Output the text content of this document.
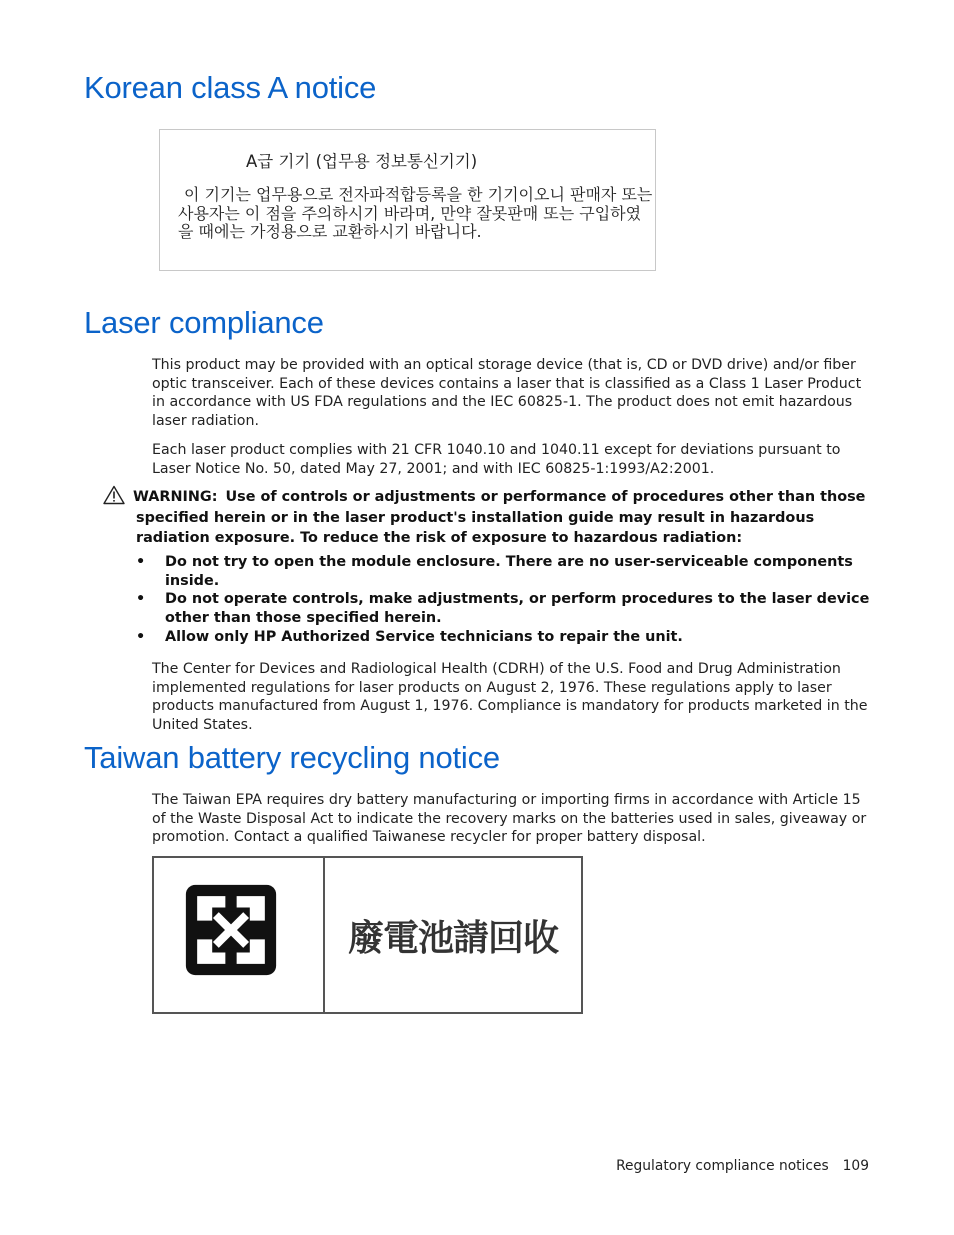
Korean class A notice
A급 기기 (업무용 정보통신기기)
이 기기는 업무용으로 전자파적합등록을 한 기기이오니 판매자 또는 사용자는 이 점을 주의하시기 바라며, 만약 잘못판매 또는 구입하였을 때에는 가정용으로 교환하시기 바랍니다.
Laser compliance

This product may be provided with an optical storage device (that is, CD or DVD drive) and/or fiber optic transceiver. Each of these devices contains a laser that is classified as a Class 1 Laser Product in accordance with US FDA regulations and the IEC 60825-1. The product does not emit hazardous laser radiation.

Each laser product complies with 21 CFR 1040.10 and 1040.11 except for deviations pursuant to Laser Notice No. 50, dated May 27, 2001; and with IEC 60825-1:1993/A2:2001.

WARNING: Use of controls or adjustments or performance of procedures other than those specified herein or in the laser product's installation guide may result in hazardous radiation exposure. To reduce the risk of exposure to hazardous radiation:
• Do not try to open the module enclosure. There are no user-serviceable components inside.
• Do not operate controls, make adjustments, or perform procedures to the laser device other than those specified herein.
• Allow only HP Authorized Service technicians to repair the unit.

The Center for Devices and Radiological Health (CDRH) of the U.S. Food and Drug Administration implemented regulations for laser products on August 2, 1976. These regulations apply to laser products manufactured from August 1, 1976. Compliance is mandatory for products marketed in the United States.

Taiwan battery recycling notice

The Taiwan EPA requires dry battery manufacturing or importing firms in accordance with Article 15 of the Waste Disposal Act to indicate the recovery marks on the batteries used in sales, giveaway or promotion. Contact a qualified Taiwanese recycler for proper battery disposal.

廢電池請回收
Regulatory compliance notices 109
